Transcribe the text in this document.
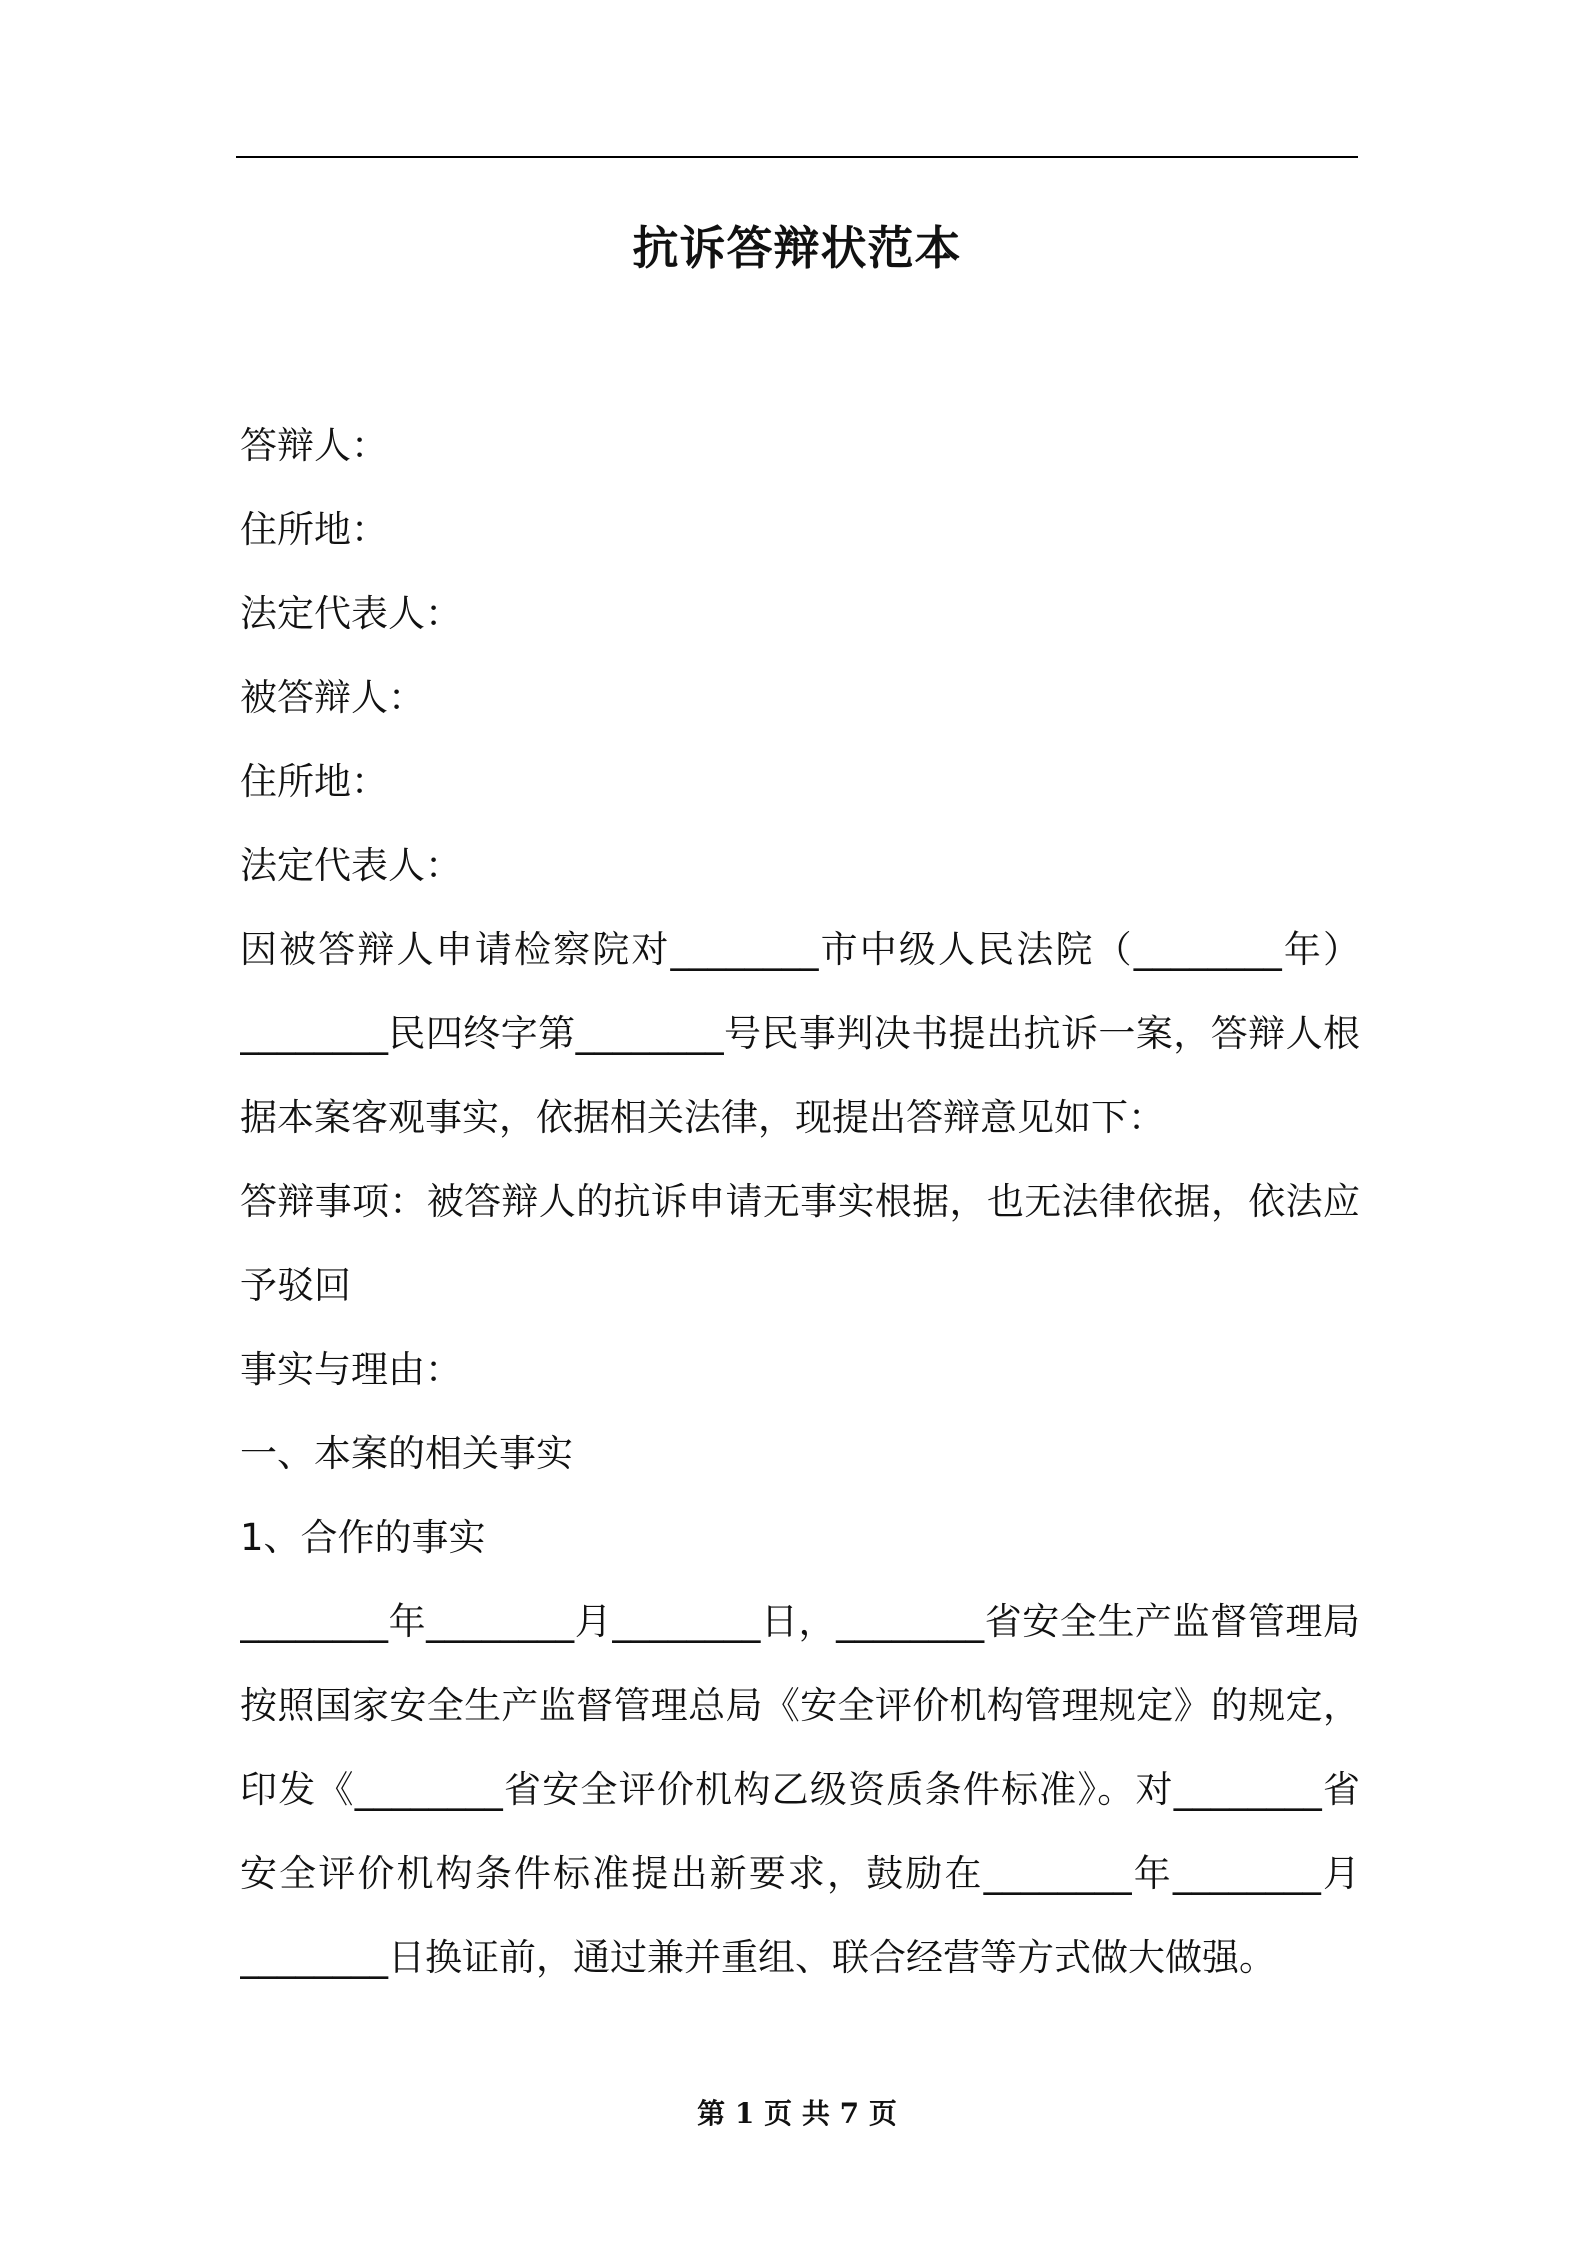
抗诉答辩状范本
答辩人：
住所地：
法定代表人：
被答辩人：
住所地：
法定代表人：
因被答辩人申请检察院对________市中级人民法院（________年）
________民四终字第________号民事判决书提出抗诉一案，答辩人根
据本案客观事实，依据相关法律，现提出答辩意见如下：
答辩事项：被答辩人的抗诉申请无事实根据，也无法律依据，依法应
予驳回
事实与理由：
一、本案的相关事实
1、合作的事实
________年________月________日，________省安全生产监督管理局
按照国家安全生产监督管理总局《安全评价机构管理规定》的规定，
印发《________省安全评价机构乙级资质条件标准》。对________省
安全评价机构条件标准提出新要求，鼓励在________年________月
________日换证前，通过兼并重组、联合经营等方式做大做强。
第 1 页 共 7 页
